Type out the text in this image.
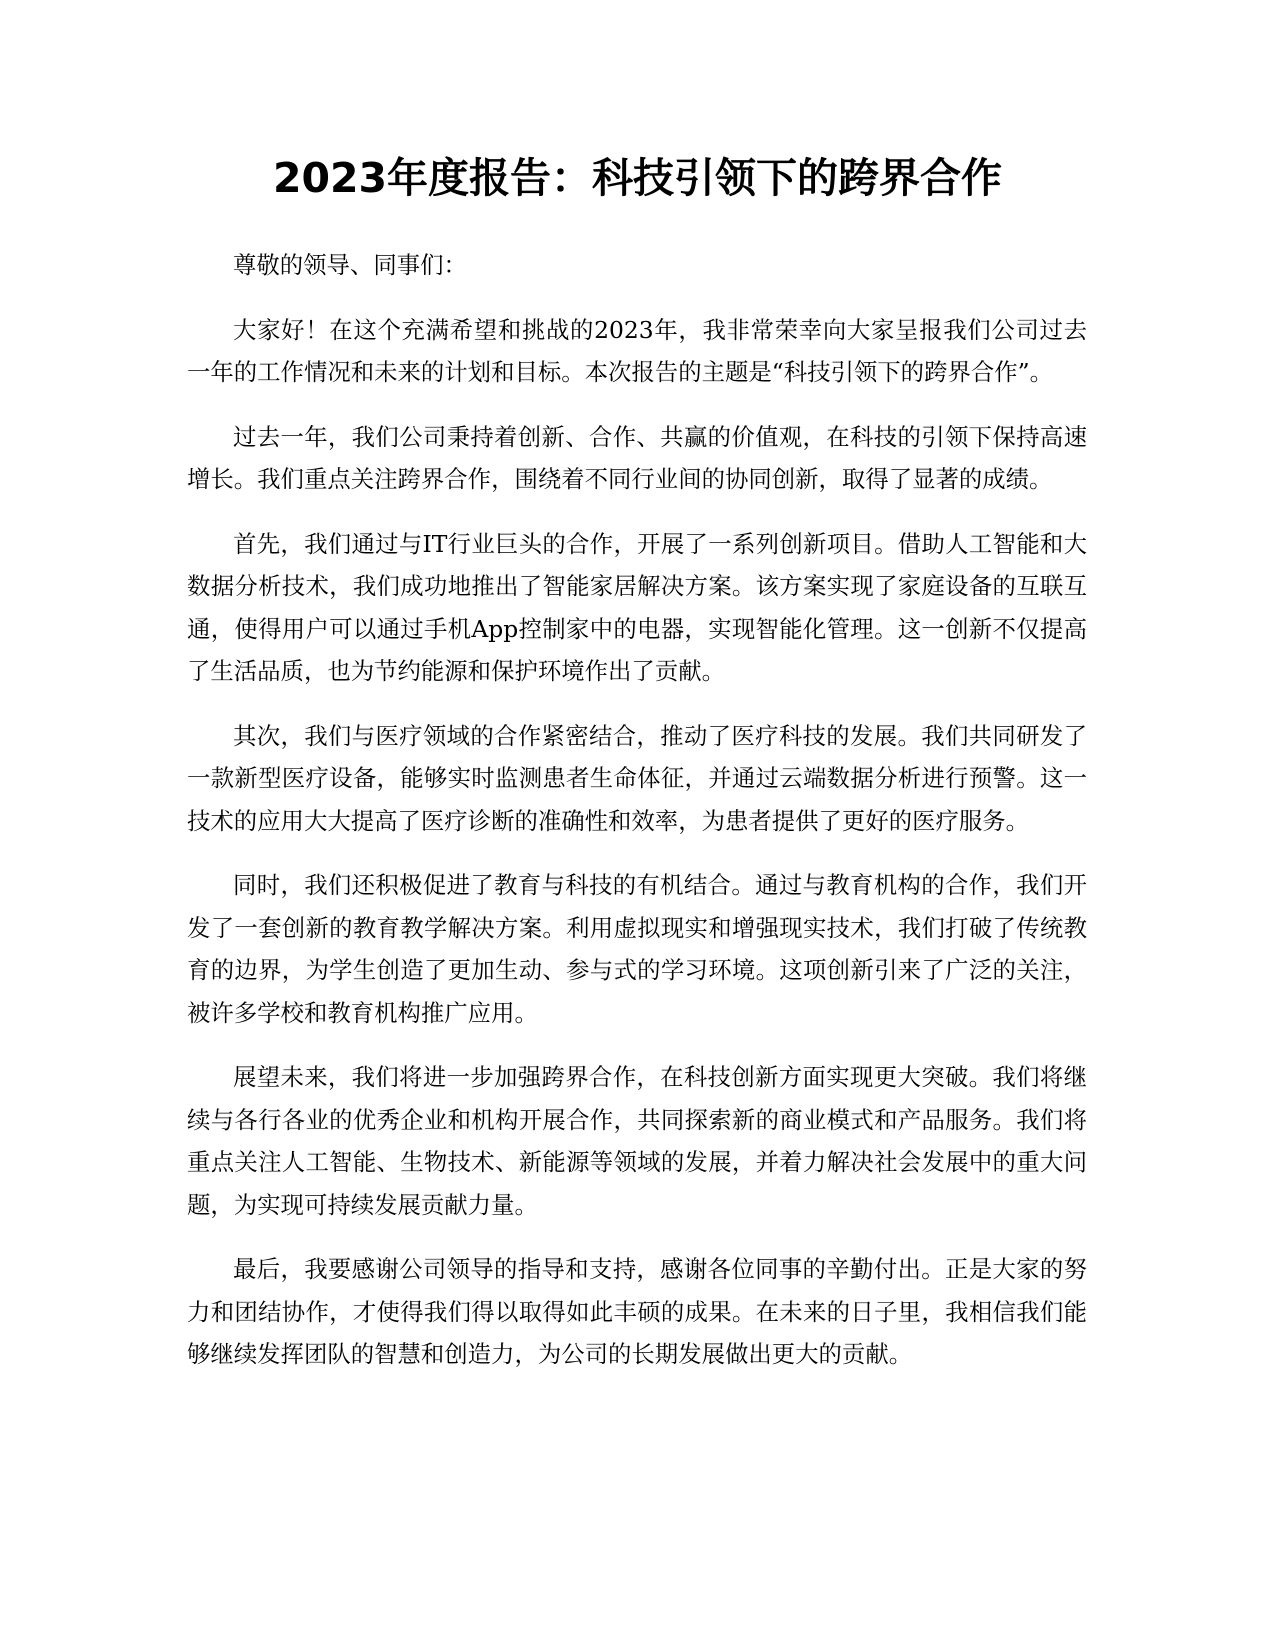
2023年度报告：科技引领下的跨界合作

尊敬的领导、同事们：

大家好！在这个充满希望和挑战的2023年，我非常荣幸向大家呈报我们公司过去一年的工作情况和未来的计划和目标。本次报告的主题是“科技引领下的跨界合作”。

过去一年，我们公司秉持着创新、合作、共赢的价值观，在科技的引领下保持高速增长。我们重点关注跨界合作，围绕着不同行业间的协同创新，取得了显著的成绩。

首先，我们通过与IT行业巨头的合作，开展了一系列创新项目。借助人工智能和大数据分析技术，我们成功地推出了智能家居解决方案。该方案实现了家庭设备的互联互通，使得用户可以通过手机App控制家中的电器，实现智能化管理。这一创新不仅提高了生活品质，也为节约能源和保护环境作出了贡献。

其次，我们与医疗领域的合作紧密结合，推动了医疗科技的发展。我们共同研发了一款新型医疗设备，能够实时监测患者生命体征，并通过云端数据分析进行预警。这一技术的应用大大提高了医疗诊断的准确性和效率，为患者提供了更好的医疗服务。

同时，我们还积极促进了教育与科技的有机结合。通过与教育机构的合作，我们开发了一套创新的教育教学解决方案。利用虚拟现实和增强现实技术，我们打破了传统教育的边界，为学生创造了更加生动、参与式的学习环境。这项创新引来了广泛的关注，被许多学校和教育机构推广应用。

展望未来，我们将进一步加强跨界合作，在科技创新方面实现更大突破。我们将继续与各行各业的优秀企业和机构开展合作，共同探索新的商业模式和产品服务。我们将重点关注人工智能、生物技术、新能源等领域的发展，并着力解决社会发展中的重大问题，为实现可持续发展贡献力量。

最后，我要感谢公司领导的指导和支持，感谢各位同事的辛勤付出。正是大家的努力和团结协作，才使得我们得以取得如此丰硕的成果。在未来的日子里，我相信我们能够继续发挥团队的智慧和创造力，为公司的长期发展做出更大的贡献。
